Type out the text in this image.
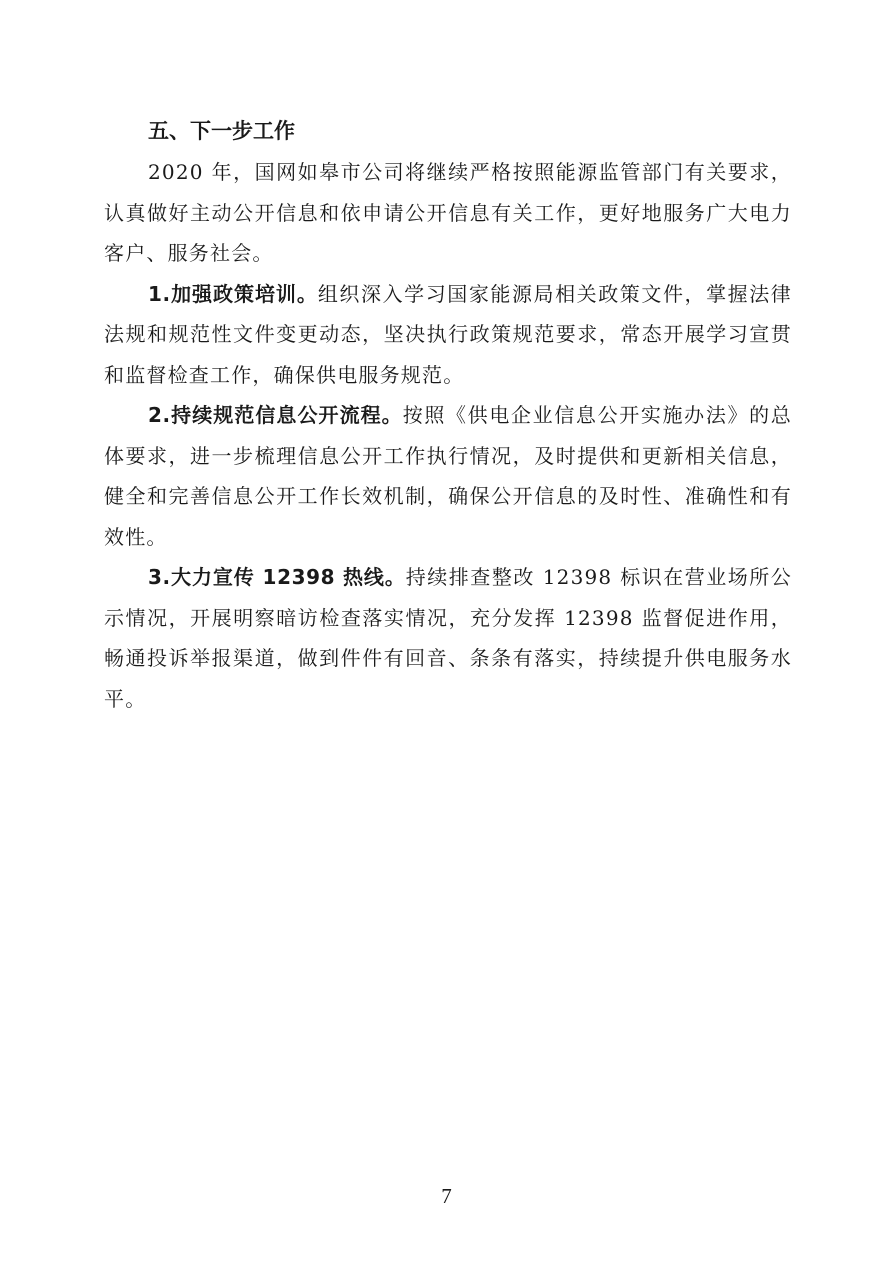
五、下一步工作

2020 年，国网如皋市公司将继续严格按照能源监管部门有关要求，认真做好主动公开信息和依申请公开信息有关工作，更好地服务广大电力客户、服务社会。

1.加强政策培训。组织深入学习国家能源局相关政策文件，掌握法律法规和规范性文件变更动态，坚决执行政策规范要求，常态开展学习宣贯和监督检查工作，确保供电服务规范。

2.持续规范信息公开流程。按照《供电企业信息公开实施办法》的总体要求，进一步梳理信息公开工作执行情况，及时提供和更新相关信息，健全和完善信息公开工作长效机制，确保公开信息的及时性、准确性和有效性。

3.大力宣传 12398 热线。持续排查整改 12398 标识在营业场所公示情况，开展明察暗访检查落实情况，充分发挥 12398 监督促进作用，畅通投诉举报渠道，做到件件有回音、条条有落实，持续提升供电服务水平。

7
